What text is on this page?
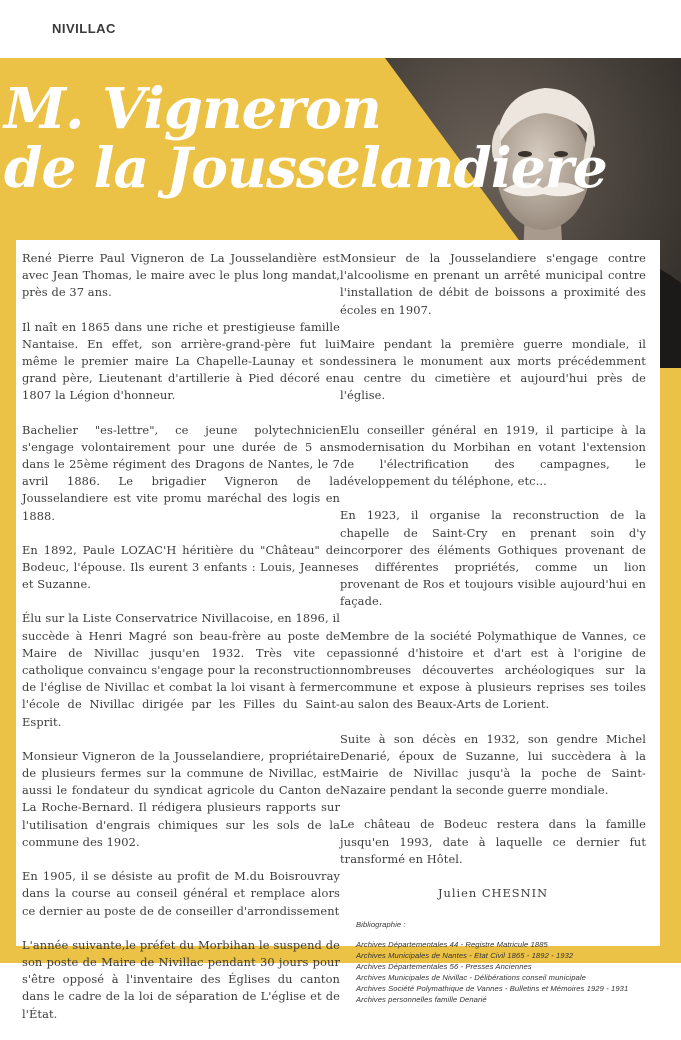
NIVILLAC
M. Vigneron
de la Jousselandiere

René Pierre Paul Vigneron de La Jousselandière est avec Jean Thomas, le maire avec le plus long mandat, près de 37 ans.

Il naît en 1865 dans une riche et prestigieuse famille Nantaise. En effet, son arrière-grand-père fut lui même le premier maire La Chapelle-Launay et son grand père, Lieutenant d'artillerie à Pied décoré en 1807 la Légion d'honneur.

Bachelier "es-lettre", ce jeune polytechnicien s'engage volontairement pour une durée de 5 ans dans le 25ème régiment des Dragons de Nantes, le 7 avril 1886. Le brigadier Vigneron de la Jousselandiere est vite promu maréchal des logis en 1888.

En 1892, Paule LOZAC'H héritière du "Château" de Bodeuc, l'épouse. Ils eurent 3 enfants : Louis, Jeanne et Suzanne.

Élu sur la Liste Conservatrice Nivillacoise, en 1896, il succède à Henri Magré son beau-frère au poste de Maire de Nivillac jusqu'en 1932. Très vite ce catholique convaincu s'engage pour la reconstruction de l'église de Nivillac et combat la loi visant à fermer l'école de Nivillac dirigée par les Filles du Saint-Esprit.

Monsieur Vigneron de la Jousselandiere, propriétaire de plusieurs fermes sur la commune de Nivillac, est aussi le fondateur du syndicat agricole du Canton de La Roche-Bernard. Il rédigera plusieurs rapports sur l'utilisation d'engrais chimiques sur les sols de la commune des 1902.

En 1905, il se désiste au profit de M.du Boisrouvray dans la course au conseil général et remplace alors ce dernier au poste de de conseiller d'arrondissement

L'année suivante,le préfet du Morbihan le suspend de son poste de Maire de Nivillac pendant 30 jours pour s'être opposé à l'inventaire des Églises du canton dans le cadre de la loi de séparation de L'église et de l'État.

Monsieur de la Jousselandiere s'engage contre l'alcoolisme en prenant un arrêté municipal contre l'installation de débit de boissons a proximité des écoles en 1907.

Maire pendant la première guerre mondiale, il dessinera le monument aux morts précédemment au centre du cimetière et aujourd'hui près de l'église.

Elu conseiller général en 1919, il participe à la modernisation du Morbihan en votant l'extension de l'électrification des campagnes, le développement du téléphone, etc...

En 1923, il organise la reconstruction de la chapelle de Saint-Cry en prenant soin d'y incorporer des éléments Gothiques provenant de ses différentes propriétés, comme un lion provenant de Ros et toujours visible aujourd'hui en façade.

Membre de la société Polymathique de Vannes, ce passionné d'histoire et d'art est à l'origine de nombreuses découvertes archéologiques sur la commune et expose à plusieurs reprises ses toiles au salon des Beaux-Arts de Lorient.

Suite à son décès en 1932, son gendre Michel Denarié, époux de Suzanne, lui succèdera à la Mairie de Nivillac jusqu'à la poche de Saint-Nazaire pendant la seconde guerre mondiale.

Le château de Bodeuc restera dans la famille jusqu'en 1993, date à laquelle ce dernier fut transformé en Hôtel.

Julien CHESNIN

Bibliographie :
Archives Départementales 44 - Registre Matricule 1885
Archives Municipales de Nantes - Etat Civil 1865 - 1892 - 1932
Archives Départementales 56 - Presses Anciennes
Archives Municipales de Nivillac - Délibérations conseil municipale
Archives Société Polymathique de Vannes - Bulletins et Mémoires 1929 - 1931
Archives personnelles famille Denarié
